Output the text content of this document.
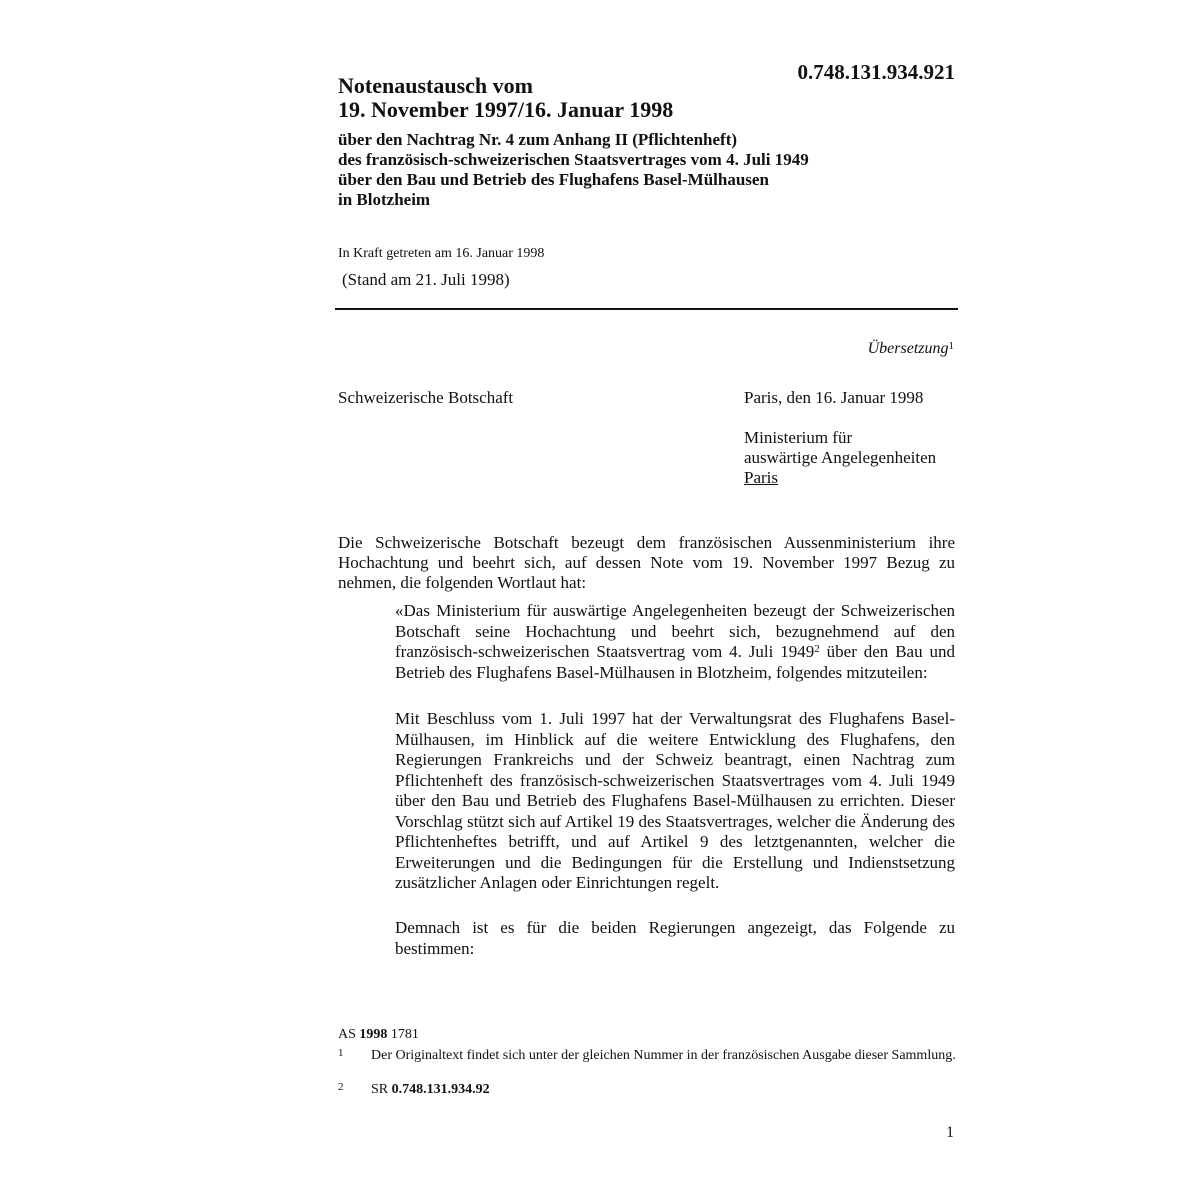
0.748.131.934.921
Notenaustausch vom
19. November 1997/16. Januar 1998
über den Nachtrag Nr. 4 zum Anhang II (Pflichtenheft)
des französisch-schweizerischen Staatsvertrages vom 4. Juli 1949
über den Bau und Betrieb des Flughafens Basel-Mülhausen
in Blotzheim
In Kraft getreten am 16. Januar 1998
(Stand am 21. Juli 1998)
Übersetzung$^1$
Schweizerische Botschaft	Paris, den 16. Januar 1998
Ministerium für
auswärtige Angelegenheiten
Paris
Die Schweizerische Botschaft bezeugt dem französischen Aussenministerium ihre Hochachtung und beehrt sich, auf dessen Note vom 19. November 1997 Bezug zu nehmen, die folgenden Wortlaut hat:
«Das Ministerium für auswärtige Angelegenheiten bezeugt der Schweizerischen Botschaft seine Hochachtung und beehrt sich, bezugnehmend auf den französisch-schweizerischen Staatsvertrag vom 4. Juli 1949$^2$ über den Bau und Betrieb des Flughafens Basel-Mülhausen in Blotzheim, folgendes mitzuteilen:
Mit Beschluss vom 1. Juli 1997 hat der Verwaltungsrat des Flughafens Basel-Mülhausen, im Hinblick auf die weitere Entwicklung des Flughafens, den Regierungen Frankreichs und der Schweiz beantragt, einen Nachtrag zum Pflichtenheft des französisch-schweizerischen Staatsvertrages vom 4. Juli 1949 über den Bau und Betrieb des Flughafens Basel-Mülhausen zu errichten. Dieser Vorschlag stützt sich auf Artikel 19 des Staatsvertrages, welcher die Änderung des Pflichtenheftes betrifft, und auf Artikel 9 des letztgenannten, welcher die Erweiterungen und die Bedingungen für die Erstellung und Indienstsetzung zusätzlicher Anlagen oder Einrichtungen regelt.
Demnach ist es für die beiden Regierungen angezeigt, das Folgende zu bestimmen:
AS 1998 1781
1 Der Originaltext findet sich unter der gleichen Nummer in der französischen Ausgabe dieser Sammlung.
2 SR 0.748.131.934.92
1
